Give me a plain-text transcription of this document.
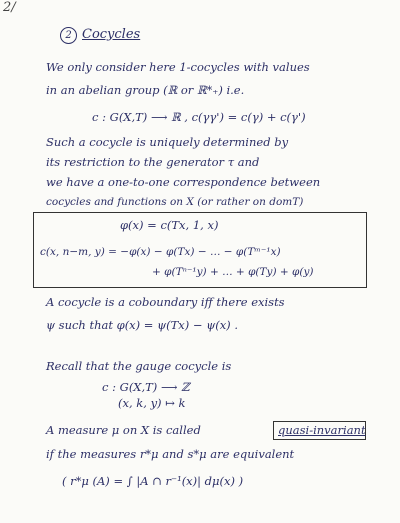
2/
2 Cocycles
We only consider here 1-cocycles with values
in an abelian group (ℝ or ℝ*₊) i.e.
c : G(X,T) ⟶ ℝ , c(γγ') = c(γ) + c(γ')
Such a cocycle is uniquely determined by
its restriction to the generator τ and
we have a one-to-one correspondence between
cocycles and functions on X (or rather on domT)
φ(x) = c(Tx, 1, x)
c(x, n−m, y) = −φ(x) − φ(Tx) − … − φ(Tᵐ⁻¹x)
+ φ(Tⁿ⁻¹y) + … + φ(Ty) + φ(y)
A cocycle is a coboundary iff there exists
ψ such that φ(x) = ψ(Tx) − ψ(x) .
Recall that the gauge cocycle is
c : G(X,T) ⟶ ℤ
(x, k, y) ↦ k
A measure μ on X is called	quasi-invariant
if the measures r*μ and s*μ are equivalent
( r*μ (A) = ∫ |A ∩ r⁻¹(x)| dμ(x) )
